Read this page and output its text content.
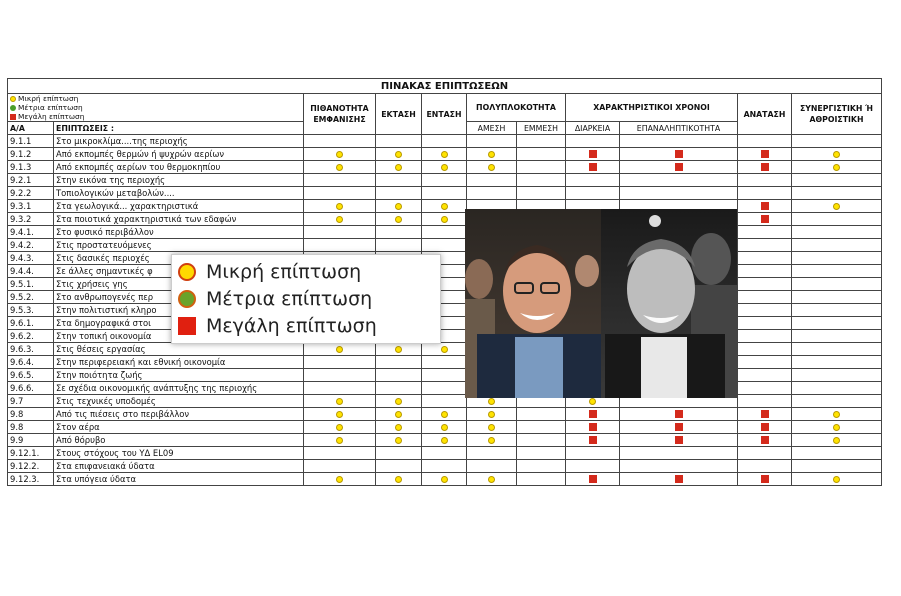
ΠΙΝΑΚΑΣ ΕΠΙΠΤΩΣΕΩΝ										

Μικρή επίπτωση
Μέτρια επίπτωση
Μεγάλη επίπτωση		ΠΙΘΑΝΟΤΗΤΑ ΕΜΦΑΝΙΣΗΣ	ΕΚΤΑΣΗ	ΕΝΤΑΣΗ	ΠΟΛΥΠΛΟΚΟΤΗΤΑ		ΧΑΡΑΚΤΗΡΙΣΤΙΚΟΙ ΧΡΟΝΟΙ		ΑΝΑΤΑΣΗ	ΣΥΝΕΡΓΙΣΤΙΚΗ Ή ΑΘΡΟΙΣΤΙΚΗ

Α/Α	ΕΠΙΠΤΩΣΕΙΣ :				ΑΜΕΣΗ	ΕΜΜΕΣΗ	ΔΙΑΡΚΕΙΑ	ΕΠΑΝΑΛΗΠΤΙΚΟΤΗΤΑ		
9.1.1	Στο μικροκλίμα....της περιοχής									
9.1.2	Από εκπομπές θερμών ή ψυχρών αερίων									
9.1.3	Από εκπομπές αερίων του θερμοκηπίου									
9.2.1	Στην εικόνα της περιοχής									
9.2.2	Τοπιολογικών μεταβολών....									
9.3.1	Στα γεωλογικά... χαρακτηριστικά									
9.3.2	Στα ποιοτικά χαρακτηριστικά των εδαφών									
9.4.1.	Στο φυσικό περιβάλλον									
9.4.2.	Στις προστατευόμενες									
9.4.3.	Στις δασικές περιοχές									
9.4.4.	Σε άλλες σημαντικές φ									
9.5.1.	Στις χρήσεις γης									
9.5.2.	Στο ανθρωπογενές περ									
9.5.3.	Στην πολιτιστική κληρο									
9.6.1.	Στα δημογραφικά στοι									
9.6.2.	Στην τοπική οικονομία									
9.6.3.	Στις θέσεις εργασίας									
9.6.4.	Στην περιφερειακή και εθνική οικονομία									
9.6.5.	Στην ποιότητα ζωής									
9.6.6.	Σε σχέδια οικονομικής ανάπτυξης της περιοχής									
9.7	Στις τεχνικές υποδομές									
9.8	Από τις πιέσεις στο περιβάλλον									
9.8	Στον αέρα									
9.9	Από θόρυβο									
9.12.1.	Στους στόχους του ΥΔ EL09									
9.12.2.	Στα επιφανειακά ύδατα									
9.12.3.	Στα υπόγεια ύδατα									
Μικρή επίπτωση
Μέτρια επίπτωση
Μεγάλη επίπτωση
